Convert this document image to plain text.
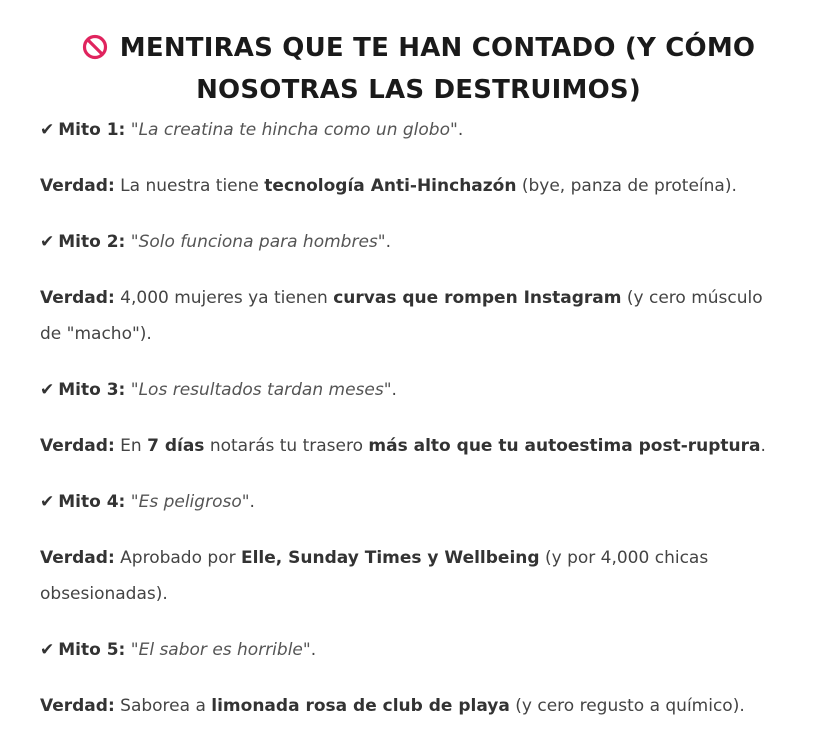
MENTIRAS QUE TE HAN CONTADO (Y CÓMO
NOSOTRAS LAS DESTRUIMOS)

✔ Mito 1: "La creatina te hincha como un globo".

Verdad: La nuestra tiene tecnología Anti-Hinchazón (bye, panza de proteína).

✔ Mito 2: "Solo funciona para hombres".

Verdad: 4,000 mujeres ya tienen curvas que rompen Instagram (y cero músculo de "macho").

✔ Mito 3: "Los resultados tardan meses".

Verdad: En 7 días notarás tu trasero más alto que tu autoestima post-ruptura.

✔ Mito 4: "Es peligroso".

Verdad: Aprobado por Elle, Sunday Times y Wellbeing (y por 4,000 chicas obsesionadas).

✔ Mito 5: "El sabor es horrible".

Verdad: Saborea a limonada rosa de club de playa (y cero regusto a químico).
